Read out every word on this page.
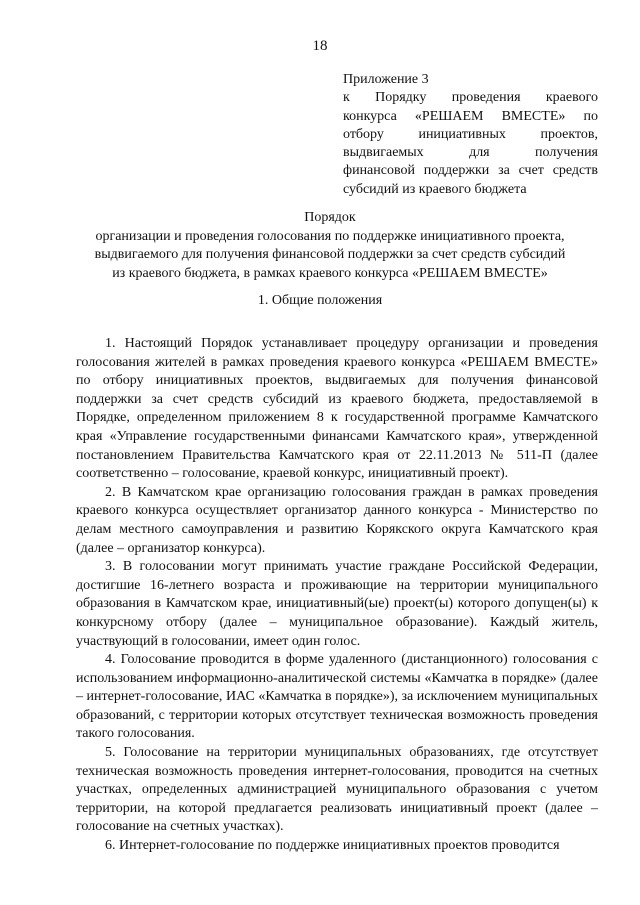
18
Приложение 3
к Порядку проведения краевого
конкурса «РЕШАЕМ ВМЕСТЕ» по
отбору инициативных проектов,
выдвигаемых для получения
финансовой поддержки за счет средств
субсидий из краевого бюджета
Порядок
организации и проведения голосования по поддержке инициативного проекта,
выдвигаемого для получения финансовой поддержки за счет средств субсидий
из краевого бюджета, в рамках краевого конкурса «РЕШАЕМ ВМЕСТЕ»
1. Общие положения

1. Настоящий Порядок устанавливает процедуру организации и проведения голосования жителей в рамках проведения краевого конкурса «РЕШАЕМ ВМЕСТЕ» по отбору инициативных проектов, выдвигаемых для получения финансовой поддержки за счет средств субсидий из краевого бюджета, предоставляемой в Порядке, определенном приложением 8 к государственной программе Камчатского края «Управление государственными финансами Камчатского края», утвержденной постановлением Правительства Камчатского края от 22.11.2013 № 511-П (далее соответственно – голосование, краевой конкурс, инициативный проект).

2. В Камчатском крае организацию голосования граждан в рамках проведения краевого конкурса осуществляет организатор данного конкурса - Министерство по делам местного самоуправления и развитию Корякского округа Камчатского края (далее – организатор конкурса).

3. В голосовании могут принимать участие граждане Российской Федерации, достигшие 16-летнего возраста и проживающие на территории муниципального образования в Камчатском крае, инициативный(ые) проект(ы) которого допущен(ы) к конкурсному отбору (далее – муниципальное образование). Каждый житель, участвующий в голосовании, имеет один голос.

4. Голосование проводится в форме удаленного (дистанционного) голосования с использованием информационно-аналитической системы «Камчатка в порядке» (далее – интернет-голосование, ИАС «Камчатка в порядке»), за исключением муниципальных образований, с территории которых отсутствует техническая возможность проведения такого голосования.

5. Голосование на территории муниципальных образованиях, где отсутствует техническая возможность проведения интернет-голосования, проводится на счетных участках, определенных администрацией муниципального образования с учетом территории, на которой предлагается реализовать инициативный проект (далее – голосование на счетных участках).

6. Интернет-голосование по поддержке инициативных проектов проводится
